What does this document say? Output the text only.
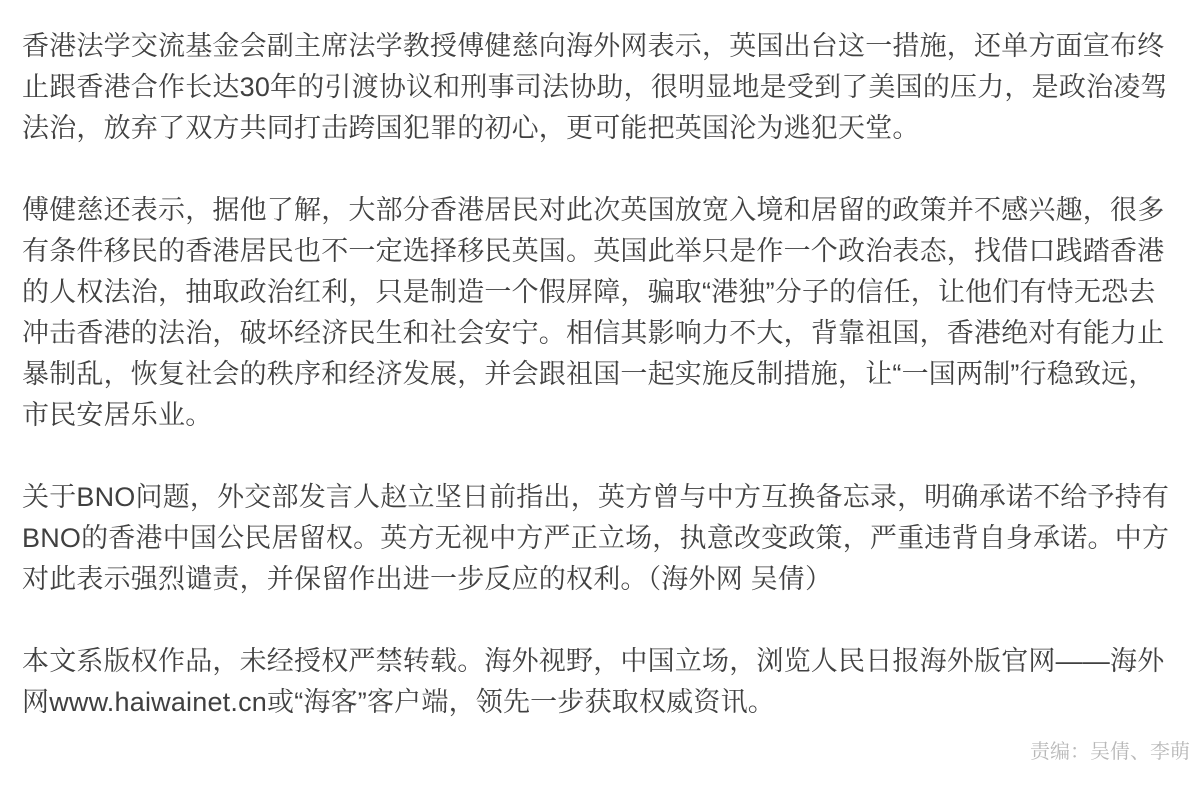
香港法学交流基金会副主席法学教授傅健慈向海外网表示，英国出台这一措施，还单方面宣布终止跟香港合作长达30年的引渡协议和刑事司法协助，很明显地是受到了美国的压力，是政治凌驾法治，放弃了双方共同打击跨国犯罪的初心，更可能把英国沦为逃犯天堂。

傅健慈还表示，据他了解，大部分香港居民对此次英国放宽入境和居留的政策并不感兴趣，很多有条件移民的香港居民也不一定选择移民英国。英国此举只是作一个政治表态，找借口践踏香港的人权法治，抽取政治红利，只是制造一个假屏障，骗取“港独”分子的信任，让他们有恃无恐去冲击香港的法治，破坏经济民生和社会安宁。相信其影响力不大，背靠祖国，香港绝对有能力止暴制乱，恢复社会的秩序和经济发展，并会跟祖国一起实施反制措施，让“一国两制”行稳致远，市民安居乐业。

关于BNO问题，外交部发言人赵立坚日前指出，英方曾与中方互换备忘录，明确承诺不给予持有BNO的香港中国公民居留权。英方无视中方严正立场，执意改变政策，严重违背自身承诺。中方对此表示强烈谴责，并保留作出进一步反应的权利。（海外网 吴倩）

本文系版权作品，未经授权严禁转载。海外视野，中国立场，浏览人民日报海外版官网——海外网www.haiwainet.cn或“海客”客户端，领先一步获取权威资讯。

责编：吴倩、李萌
